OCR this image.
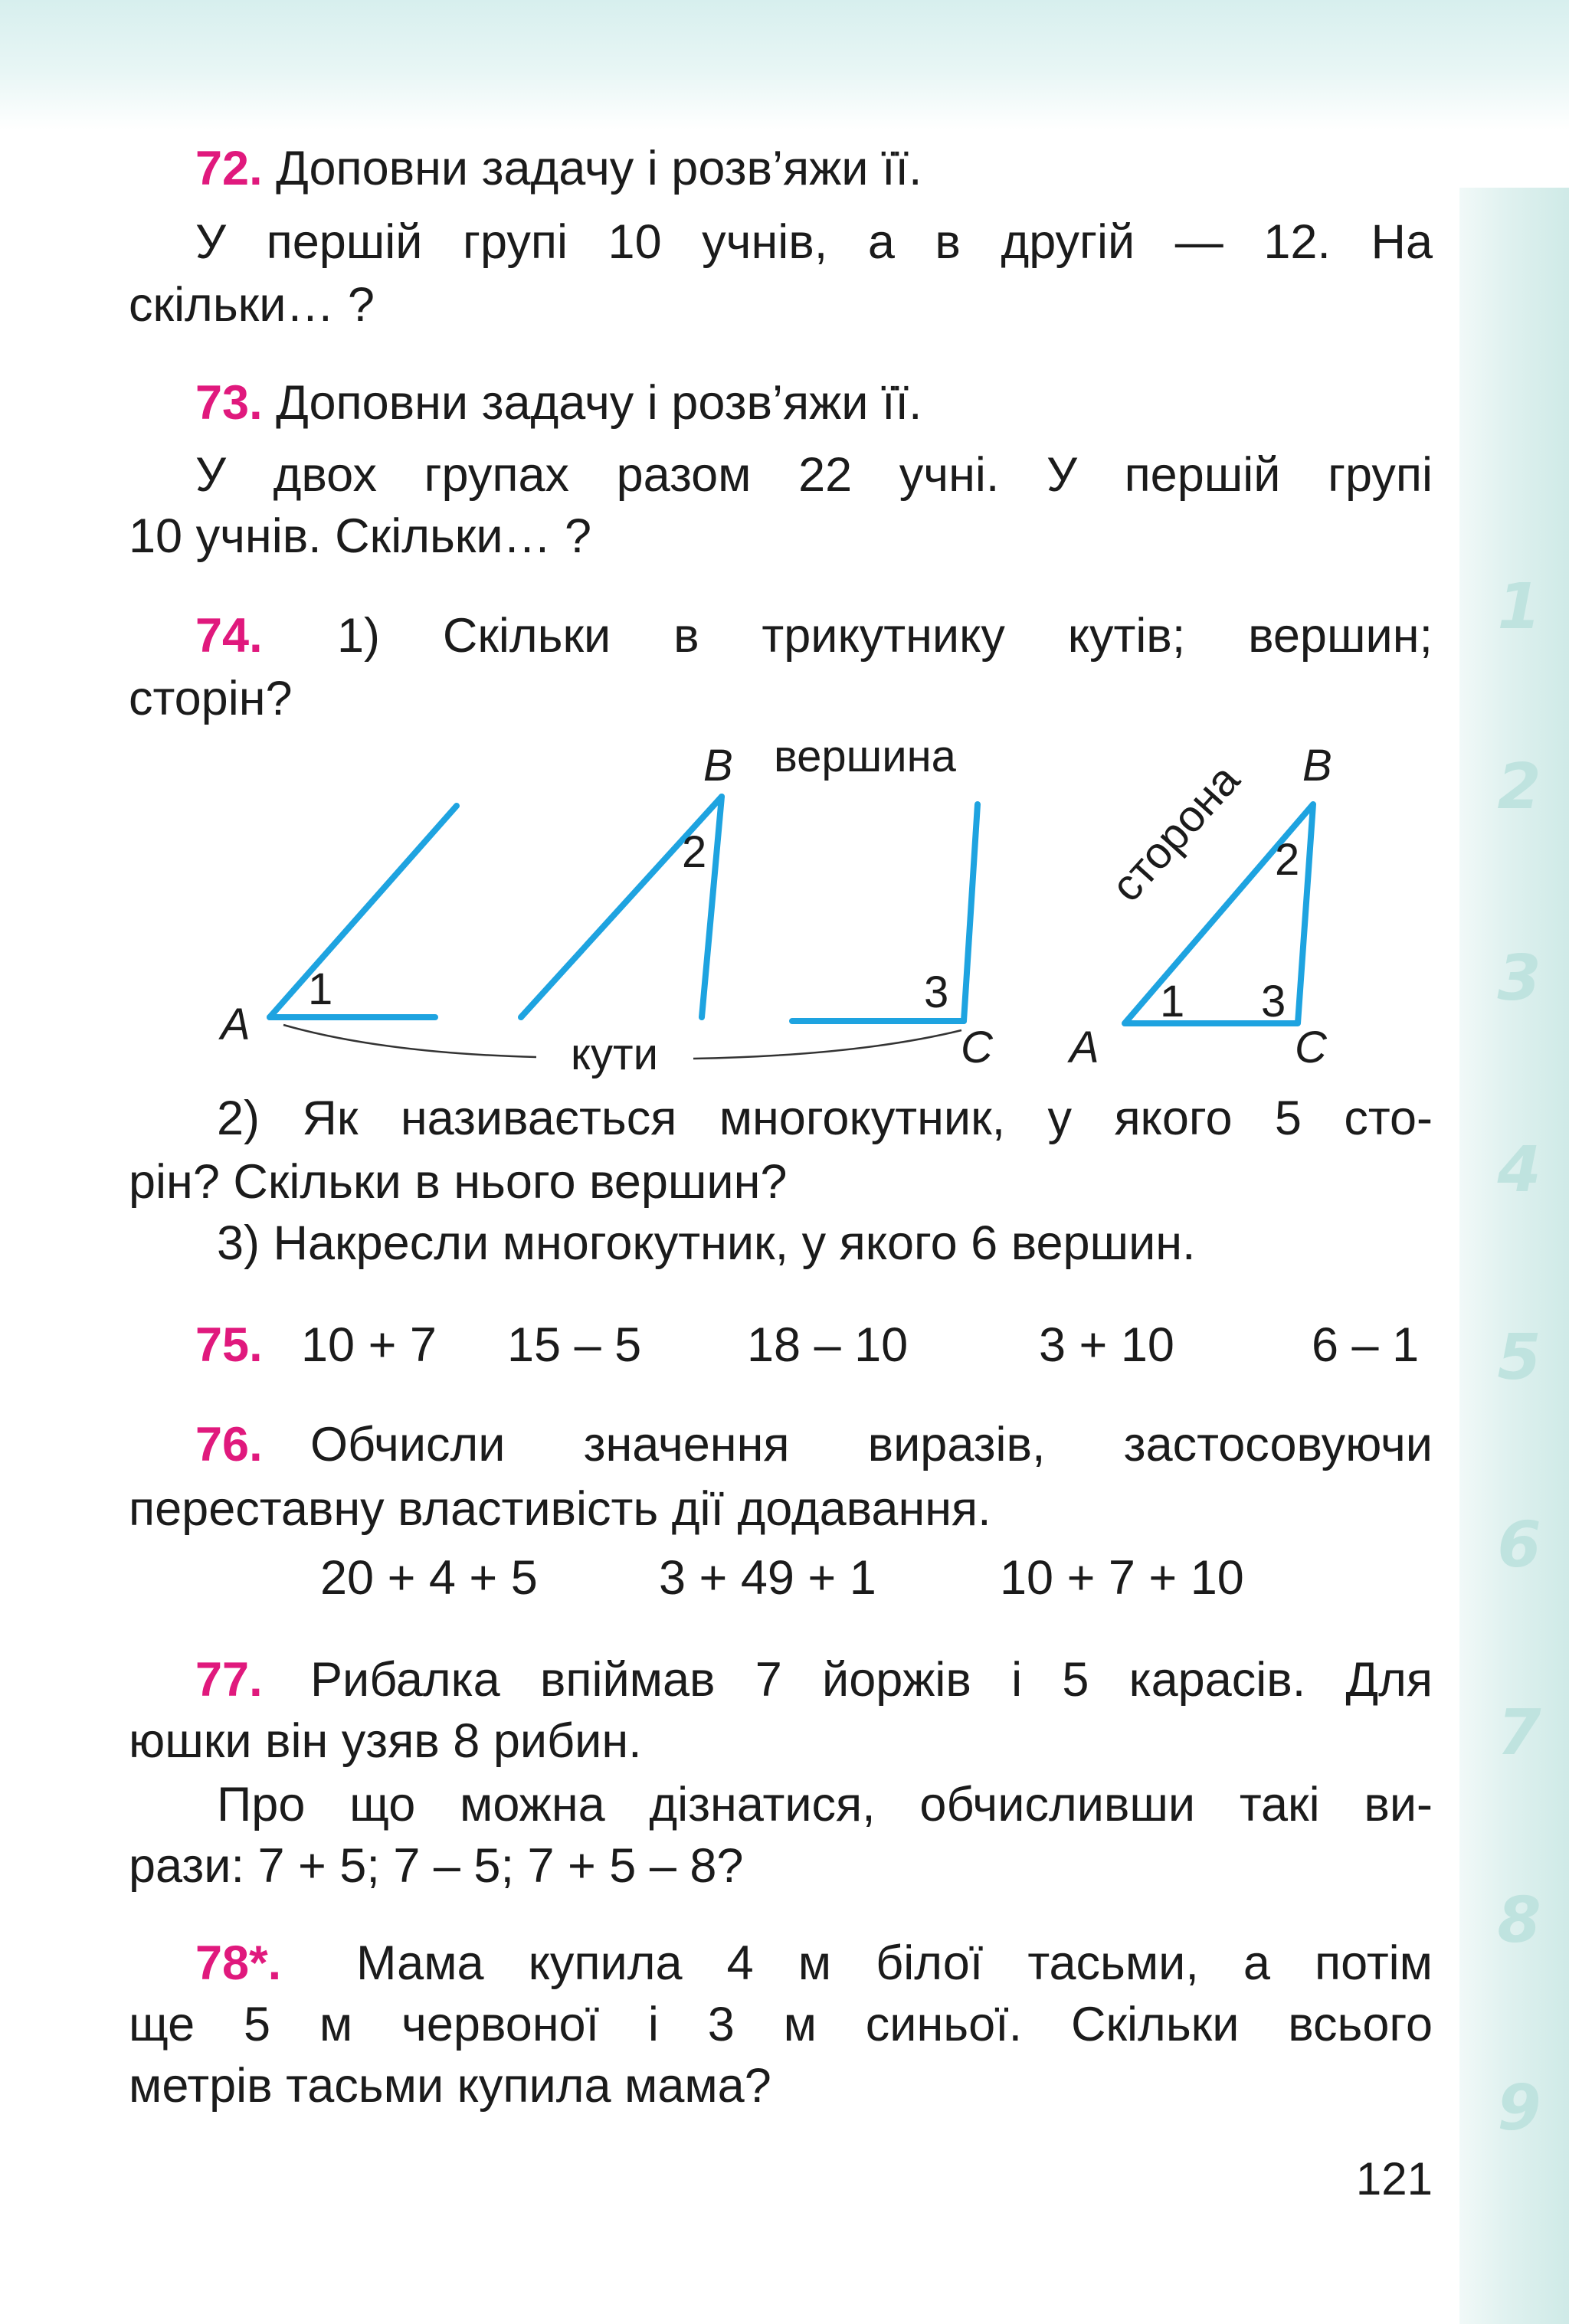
1
2
3
4
5
6
7
8
9
72. Доповни задачу і розв’яжи її.
У першій групі 10 учнів, а в другій — 12. На
скільки… ?
73. Доповни задачу і розв’яжи її.
У двох групах разом 22 учні. У першій групі
10 учнів. Скільки… ?
74. 1) Скільки в трикутнику кутів; вершин;
сторін?
A
1
B вершина
2
3
C
кути
B
2
1 3
A	C
сторона
2) Як називається многокутник, у якого 5 сто-
рін? Скільки в нього вершин?
3) Накресли многокутник, у якого 6 вершин.
75. 10 + 7 15 – 5 18 – 10	3 + 10	6 – 1
76. Обчисли значення виразів, застосовуючи
переставну властивість дії додавання.
20 + 4 + 5	3 + 49 + 1	10 + 7 + 10
77. Рибалка впіймав 7 йоржів і 5 карасів. Для
юшки він узяв 8 рибин.
Про що можна дізнатися, обчисливши такі ви-
рази: 7 + 5; 7 – 5; 7 + 5 – 8?
78*. Мама купила 4 м білої тасьми, а потім
ще 5 м червоної і 3 м синьої. Скільки всього
метрів тасьми купила мама?
121
